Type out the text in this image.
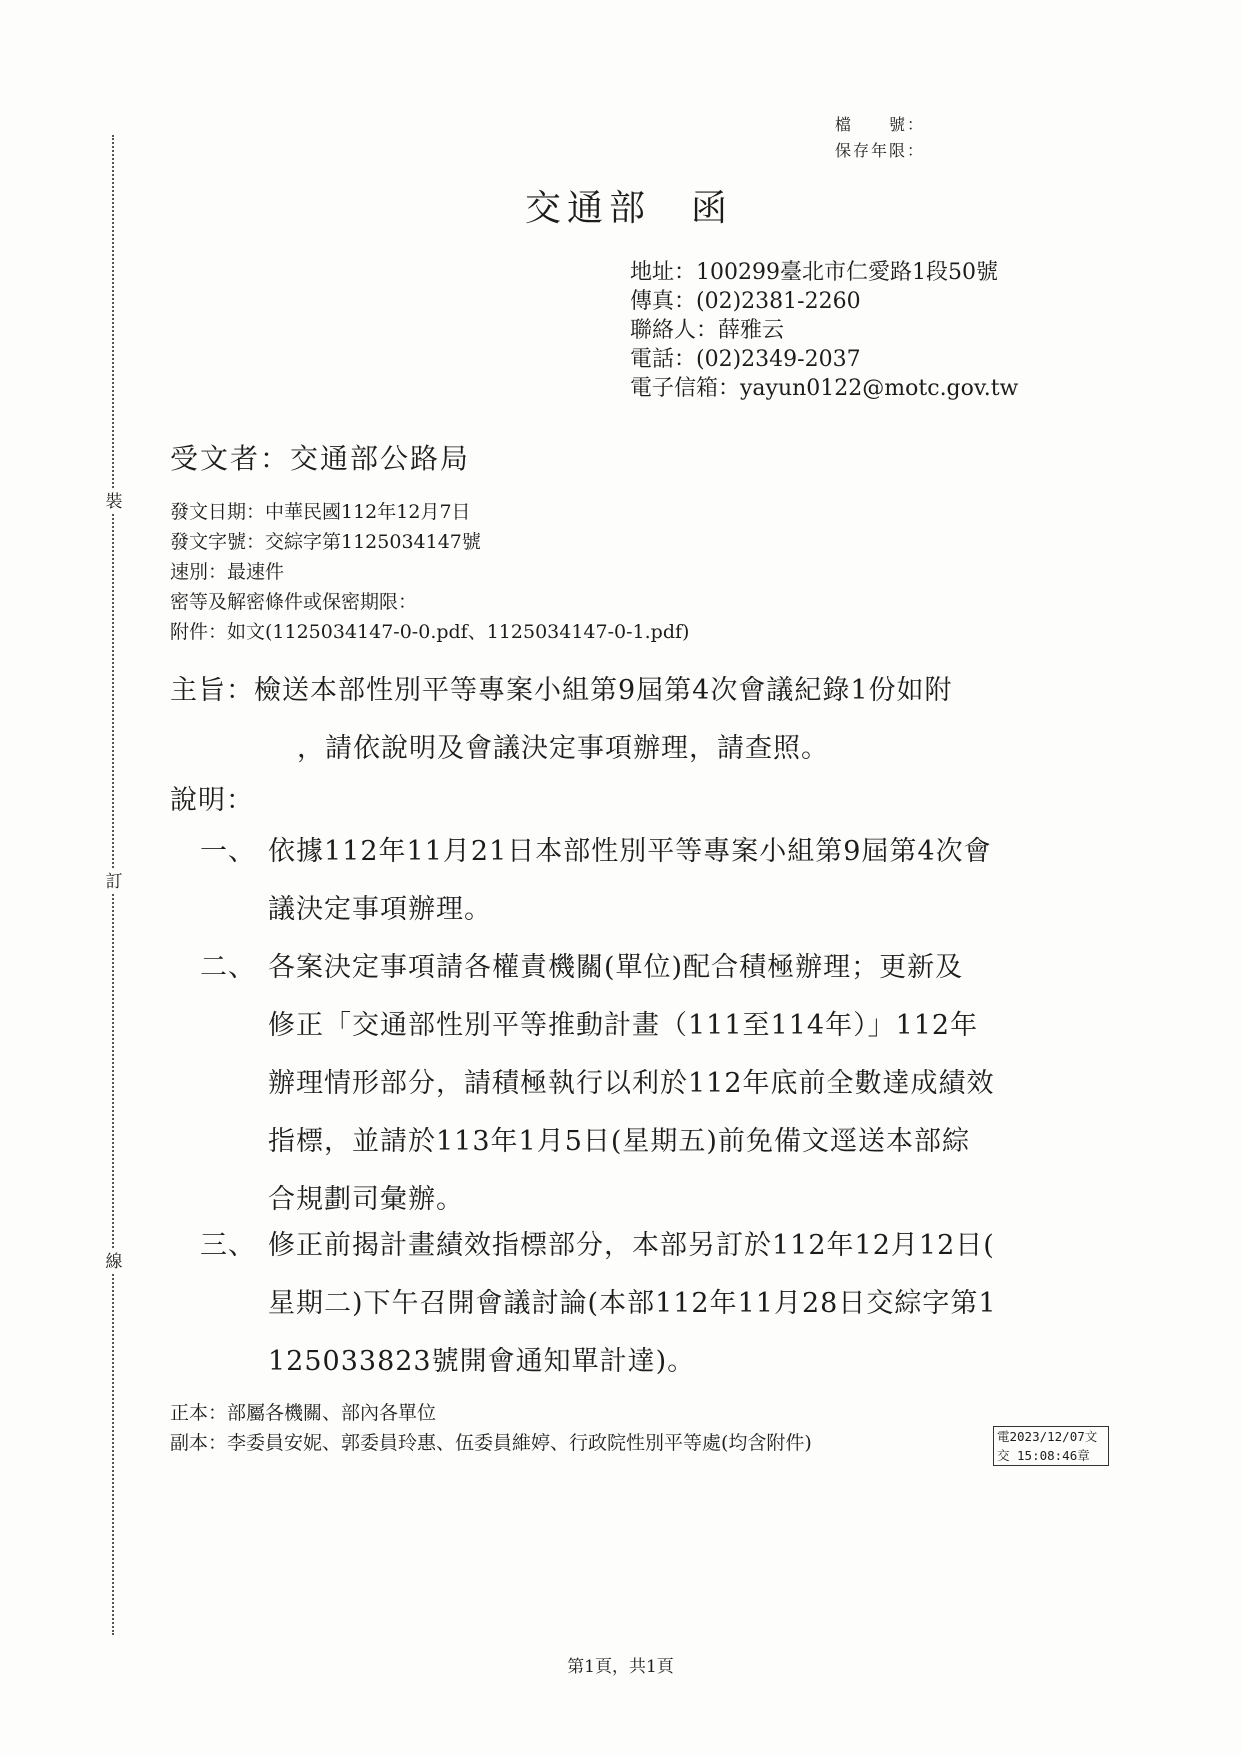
裝
訂
線
檔　　號：
保存年限：
交通部 函
地址：100299臺北市仁愛路1段50號
傳真：(02)2381-2260
聯絡人：薛雅云
電話：(02)2349-2037
電子信箱：yayun0122@motc.gov.tw
受文者：交通部公路局
發文日期：中華民國112年12月7日
發文字號：交綜字第1125034147號
速別：最速件
密等及解密條件或保密期限：
附件：如文(1125034147-0-0.pdf、1125034147-0-1.pdf)
主旨：檢送本部性別平等專案小組第9屆第4次會議紀錄1份如附
，請依說明及會議決定事項辦理，請查照。
說明：
一、 依據112年11月21日本部性別平等專案小組第9屆第4次會
議決定事項辦理。
二、 各案決定事項請各權責機關(單位)配合積極辦理；更新及
修正「交通部性別平等推動計畫（111至114年）」112年
辦理情形部分，請積極執行以利於112年底前全數達成績效
指標，並請於113年1月5日(星期五)前免備文逕送本部綜
合規劃司彙辦。
三、 修正前揭計畫績效指標部分，本部另訂於112年12月12日(
星期二)下午召開會議討論(本部112年11月28日交綜字第1
125033823號開會通知單計達)。
正本：部屬各機關、部內各單位
副本：李委員安妮、郭委員玲惠、伍委員維婷、行政院性別平等處(均含附件)	電2023/12/07文
交 15:08:46章
第1頁，共1頁
